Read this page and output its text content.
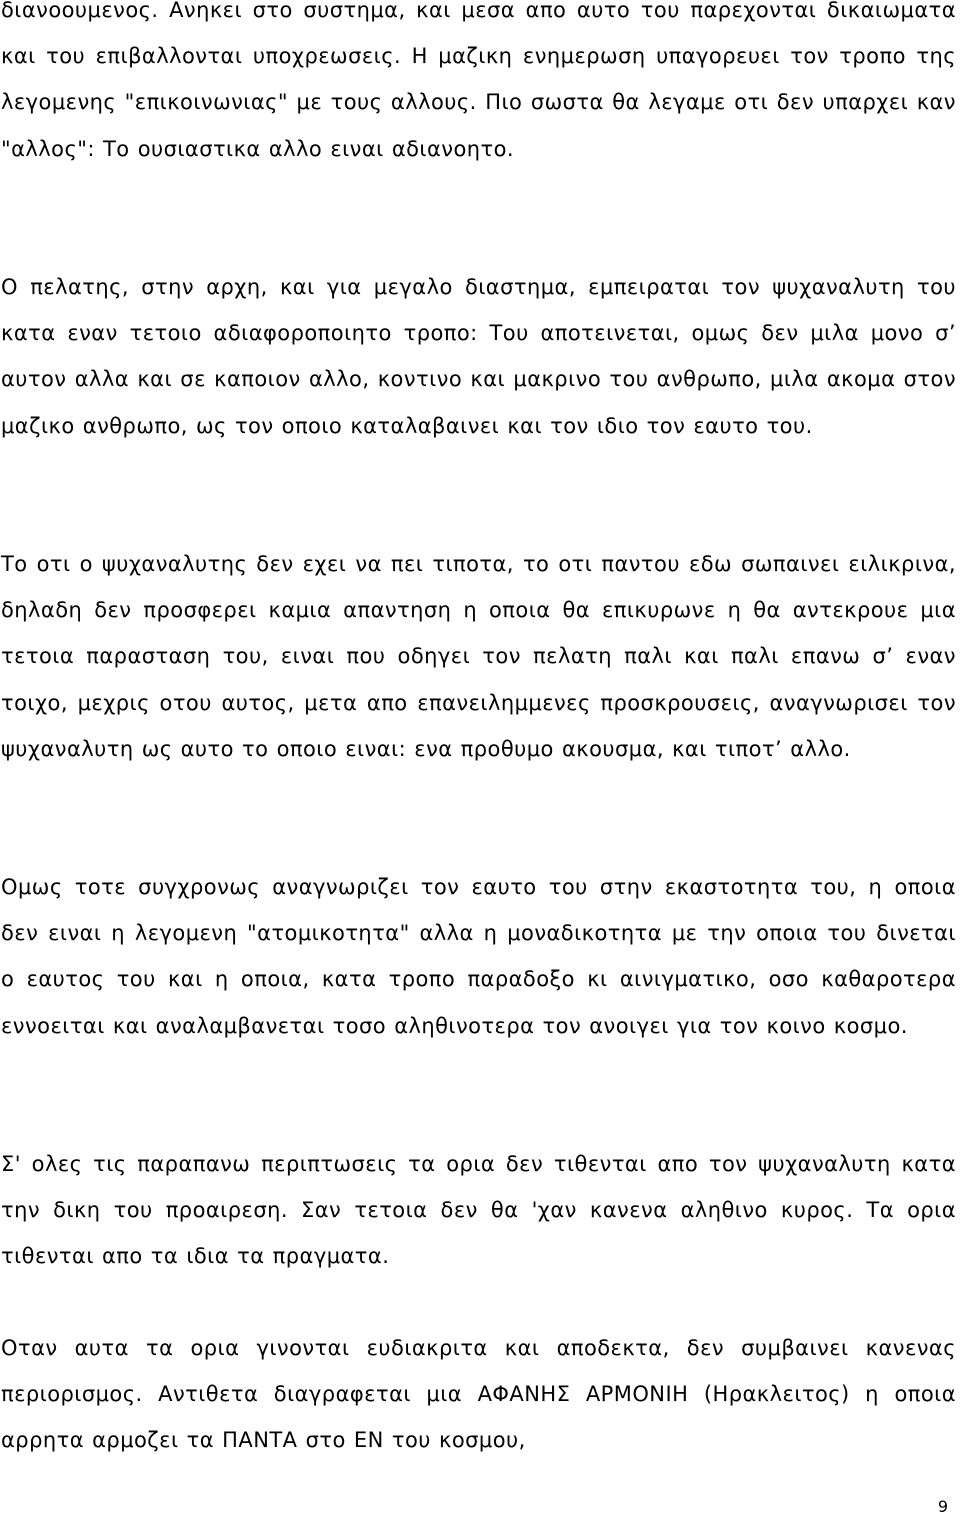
διανοουμενος. Ανηκει στο συστημα, και μεσα απο αυτο του παρεχονται δικαιωματα και του επιβαλλονται υποχρεωσεις. Η μαζικη ενημερωση υπαγορευει τον τροπο της λεγομενης "επικοινωνιας" με τους αλλους. Πιο σωστα θα λεγαμε οτι δεν υπαρχει καν "αλλος": Το ουσιαστικα αλλο ειναι αδιανοητο.

Ο πελατης, στην αρχη, και για μεγαλο διαστημα, εμπειραται τον ψυχαναλυτη του κατα εναν τετοιο αδιαφοροποιητο τροπο: Του αποτεινεται, ομως δεν μιλα μονο σ’ αυτον αλλα και σε καποιον αλλο, κοντινο και μακρινο του ανθρωπο, μιλα ακομα στον μαζικο ανθρωπο, ως τον οποιο καταλαβαινει και τον ιδιο τον εαυτο του.

Το οτι ο ψυχαναλυτης δεν εχει να πει τιποτα, το οτι παντου εδω σωπαινει ειλικρινα, δηλαδη δεν προσφερει καμια απαντηση η οποια θα επικυρωνε η θα αντεκρουε μια τετοια παρασταση του, ειναι που οδηγει τον πελατη παλι και παλι επανω σ’ εναν τοιχο, μεχρις οτου αυτος, μετα απο επανειλημμενες προσκρουσεις, αναγνωρισει τον ψυχαναλυτη ως αυτο το οποιο ειναι: ενα προθυμο ακουσμα, και τιποτ’ αλλο.

Ομως τοτε συγχρονως αναγνωριζει τον εαυτο του στην εκαστοτητα του, η οποια δεν ειναι η λεγομενη "ατομικοτητα" αλλα η μοναδικοτητα με την οποια του δινεται ο εαυτος του και η οποια, κατα τροπο παραδοξο κι αινιγματικο, οσο καθαροτερα εννοειται και αναλαμβανεται τοσο αληθινοτερα τον ανοιγει για τον κοινο κοσμο.

Σ' ολες τις παραπανω περιπτωσεις τα ορια δεν τιθενται απο τον ψυχαναλυτη κατα την δικη του προαιρεση. Σαν τετοια δεν θα 'χαν κανενα αληθινο κυρος. Τα ορια τιθενται απο τα ιδια τα πραγματα.

Οταν αυτα τα ορια γινονται ευδιακριτα και αποδεκτα, δεν συμβαινει κανενας περιορισμος. Αντιθετα διαγραφεται μια ΑΦΑΝΗΣ ΑΡΜΟΝΙΗ (Ηρακλειτος) η οποια αρρητα αρμοζει τα ΠΑΝΤΑ στο ΕΝ του κοσμου,

9
